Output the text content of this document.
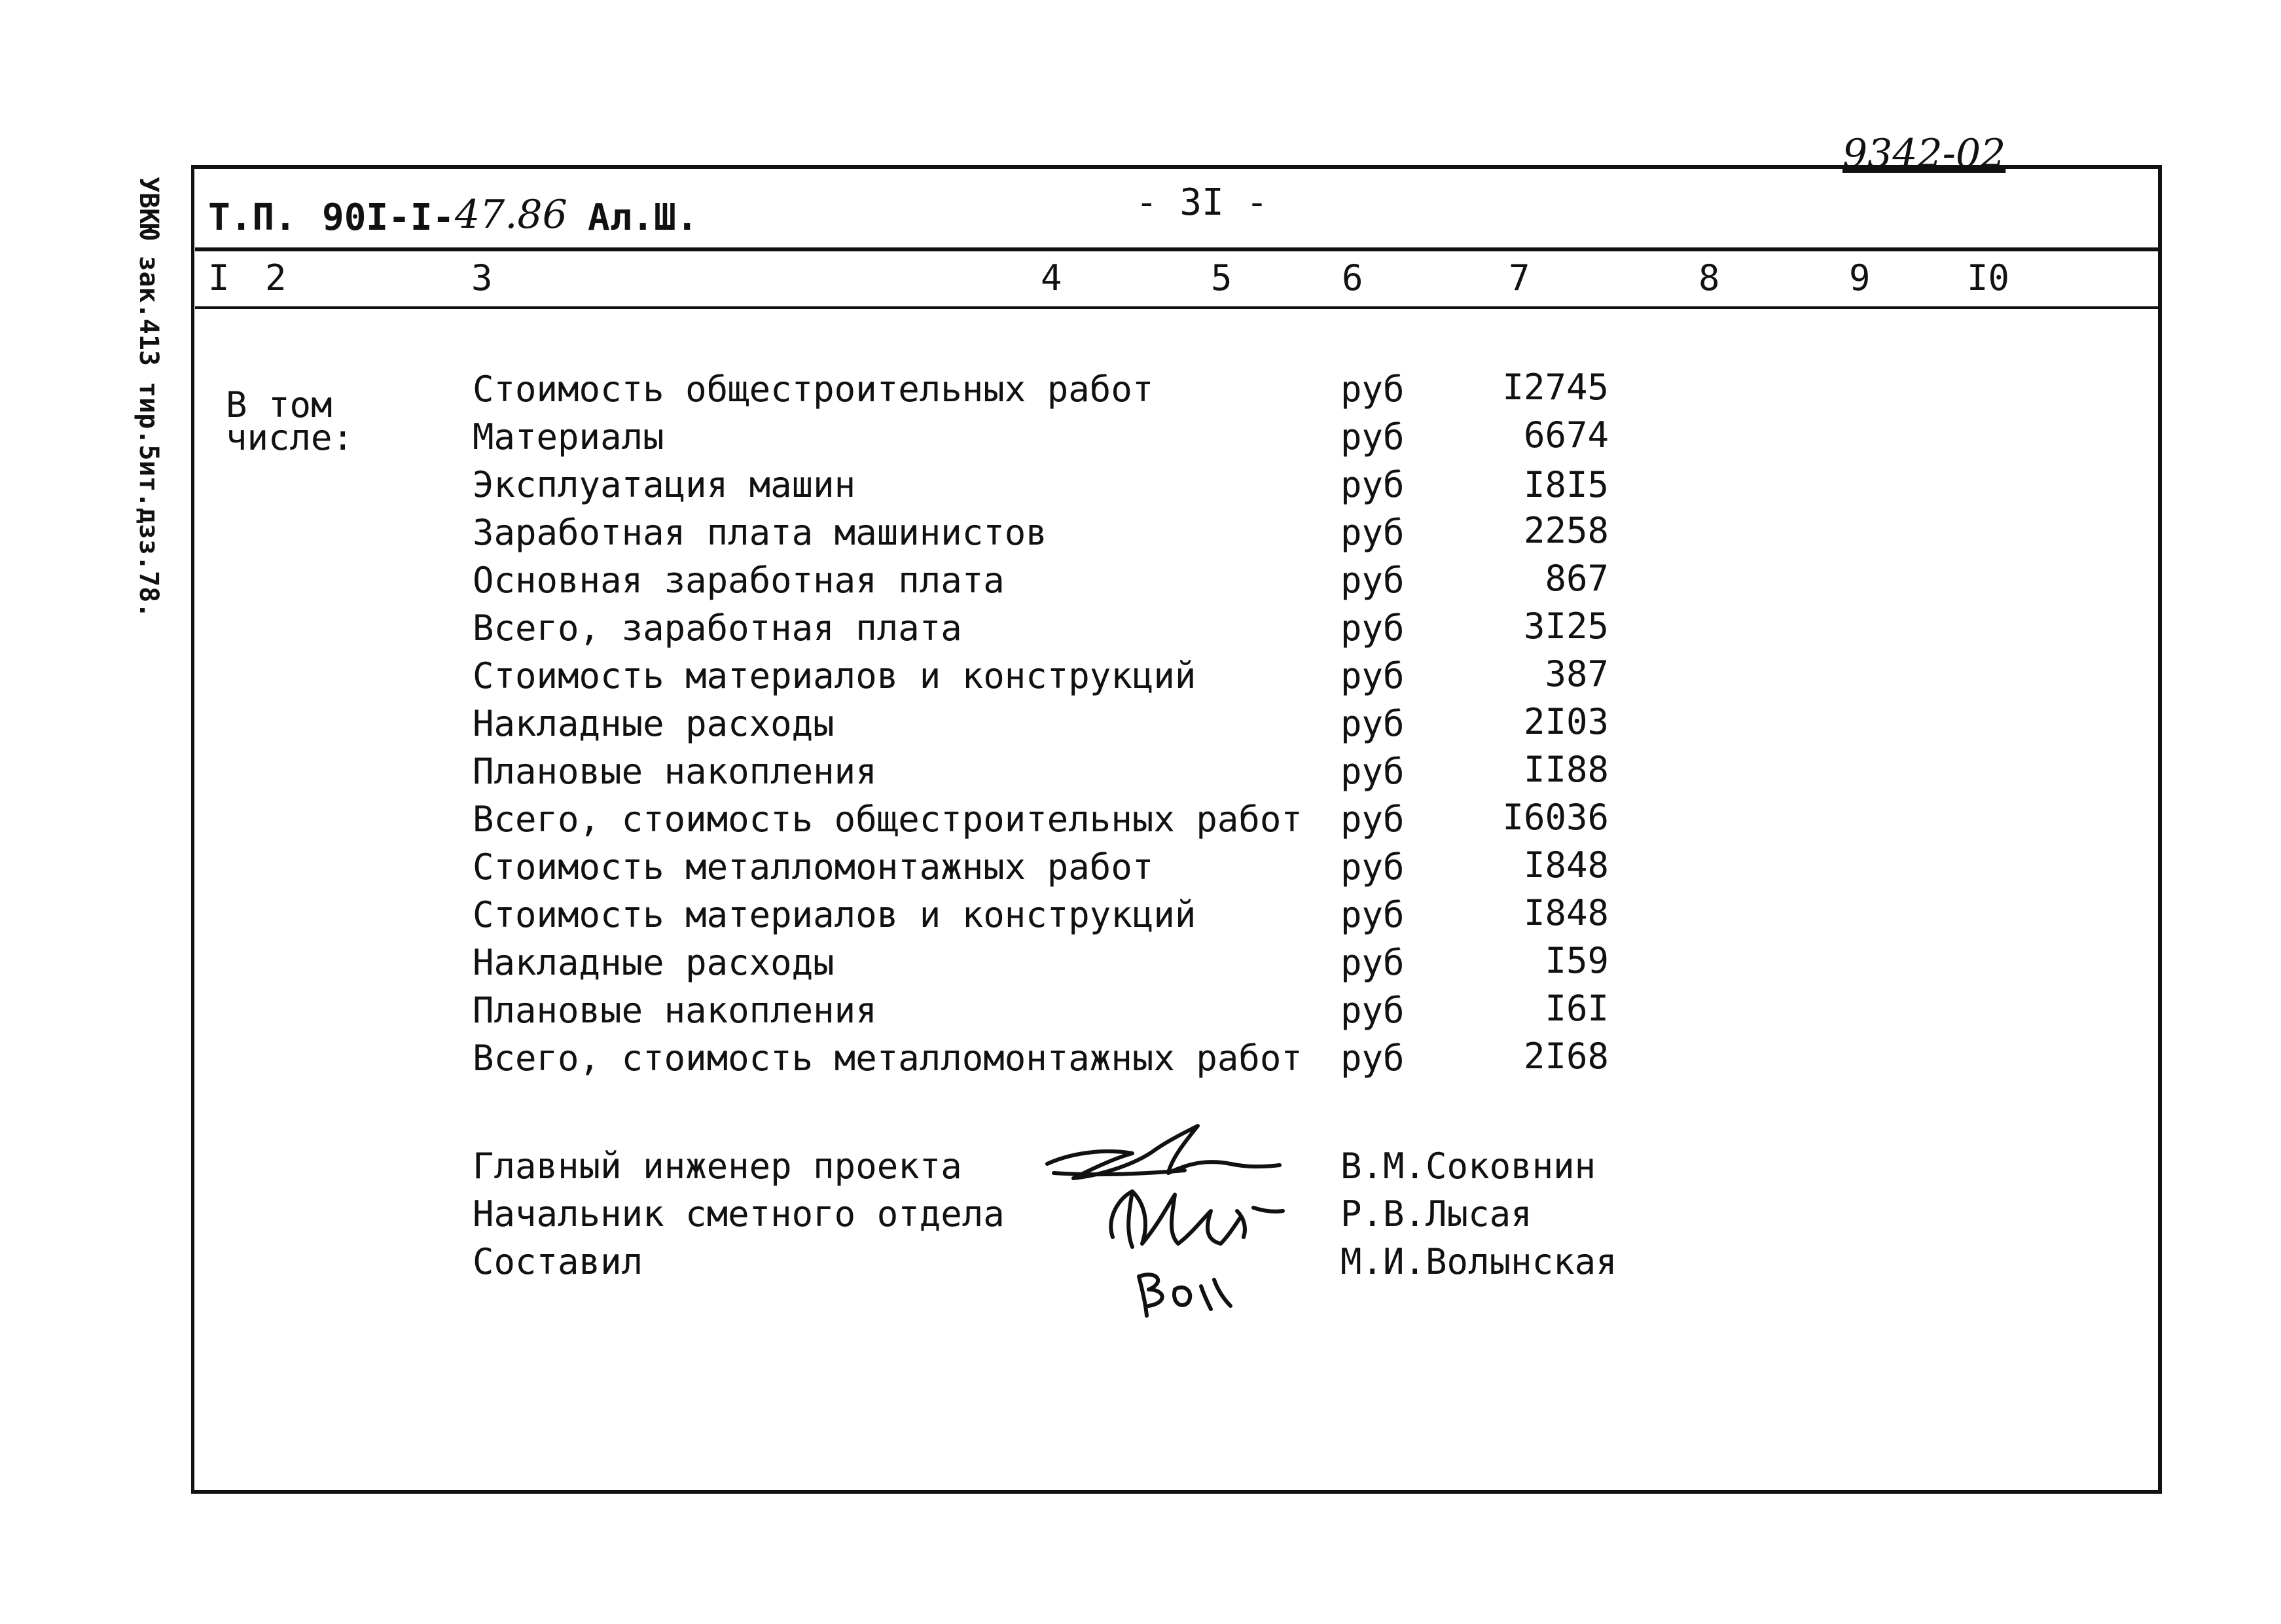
УВКЮ зак.413 тир.5ит.дзз.78.
9342-02
Т.П. 90I-I- 47.86 Ал.Ш.	- 3I -
I 2	3	4	5	6	7	8	9	I0
В том
числе:
Стоимость общестроительных работ	руб	I2745
Материалы	руб	6674
Эксплуатация машин	руб	I8I5
Заработная плата машинистов	руб	2258
Основная заработная плата	руб	867
Всего, заработная плата	руб	3I25
Стоимость материалов и конструкций	руб	387
Накладные расходы	руб	2I03
Плановые накопления	руб	II88
Всего, стоимость общестроительных работ руб	I6036
Стоимость металломонтажных работ	руб	I848
Стоимость материалов и конструкций	руб	I848
Накладные расходы	руб	I59
Плановые накопления	руб	I6I
Всего, стоимость металломонтажных работ руб	2I68
Главный инженер проекта	В.М.Соковнин
Начальник сметного отдела	Р.В.Лысая
Составил	М.И.Волынская
